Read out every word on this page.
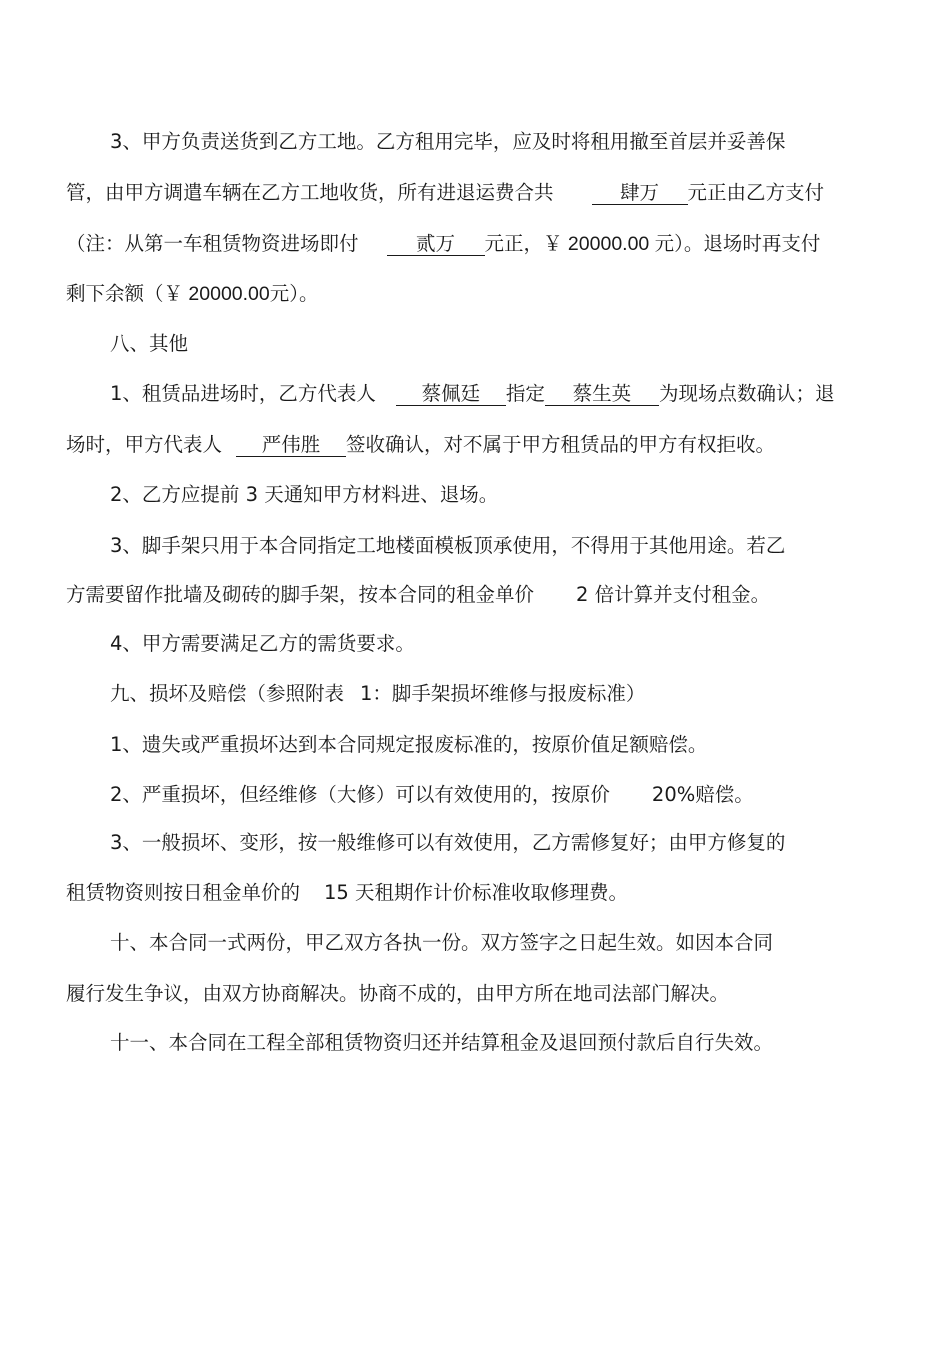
3、甲方负责送货到乙方工地。乙方租用完毕，应及时将租用撤至首层并妥善保
管，由甲方调遣车辆在乙方工地收货，所有进退运费合共	肆万 元正由乙方支付
（注：从第一车租赁物资进场即付	贰万 元正，￥ 20000.00 元）。退场时再支付
剩下余额（￥ 20000.00元）。
八、其他
1、租赁品进场时，乙方代表人 蔡佩廷 指定 蔡生英 为现场点数确认；退
场时，甲方代表人 严伟胜 签收确认，对不属于甲方租赁品的甲方有权拒收。
2、乙方应提前 3 天通知甲方材料进、退场。
3、脚手架只用于本合同指定工地楼面模板顶承使用，不得用于其他用途。若乙
方需要留作批墙及砌砖的脚手架，按本合同的租金单价 2 倍计算并支付租金。
4、甲方需要满足乙方的需货要求。
九、损坏及赔偿（参照附表 1：脚手架损坏维修与报废标准）
1、遗失或严重损坏达到本合同规定报废标准的，按原价值足额赔偿。
2、严重损坏，但经维修（大修）可以有效使用的，按原价 20%赔偿。
3、一般损坏、变形，按一般维修可以有效使用，乙方需修复好；由甲方修复的
租赁物资则按日租金单价的 15 天租期作计价标准收取修理费。
十、本合同一式两份，甲乙双方各执一份。双方签字之日起生效。如因本合同
履行发生争议，由双方协商解决。协商不成的，由甲方所在地司法部门解决。
十一、本合同在工程全部租赁物资归还并结算租金及退回预付款后自行失效。
